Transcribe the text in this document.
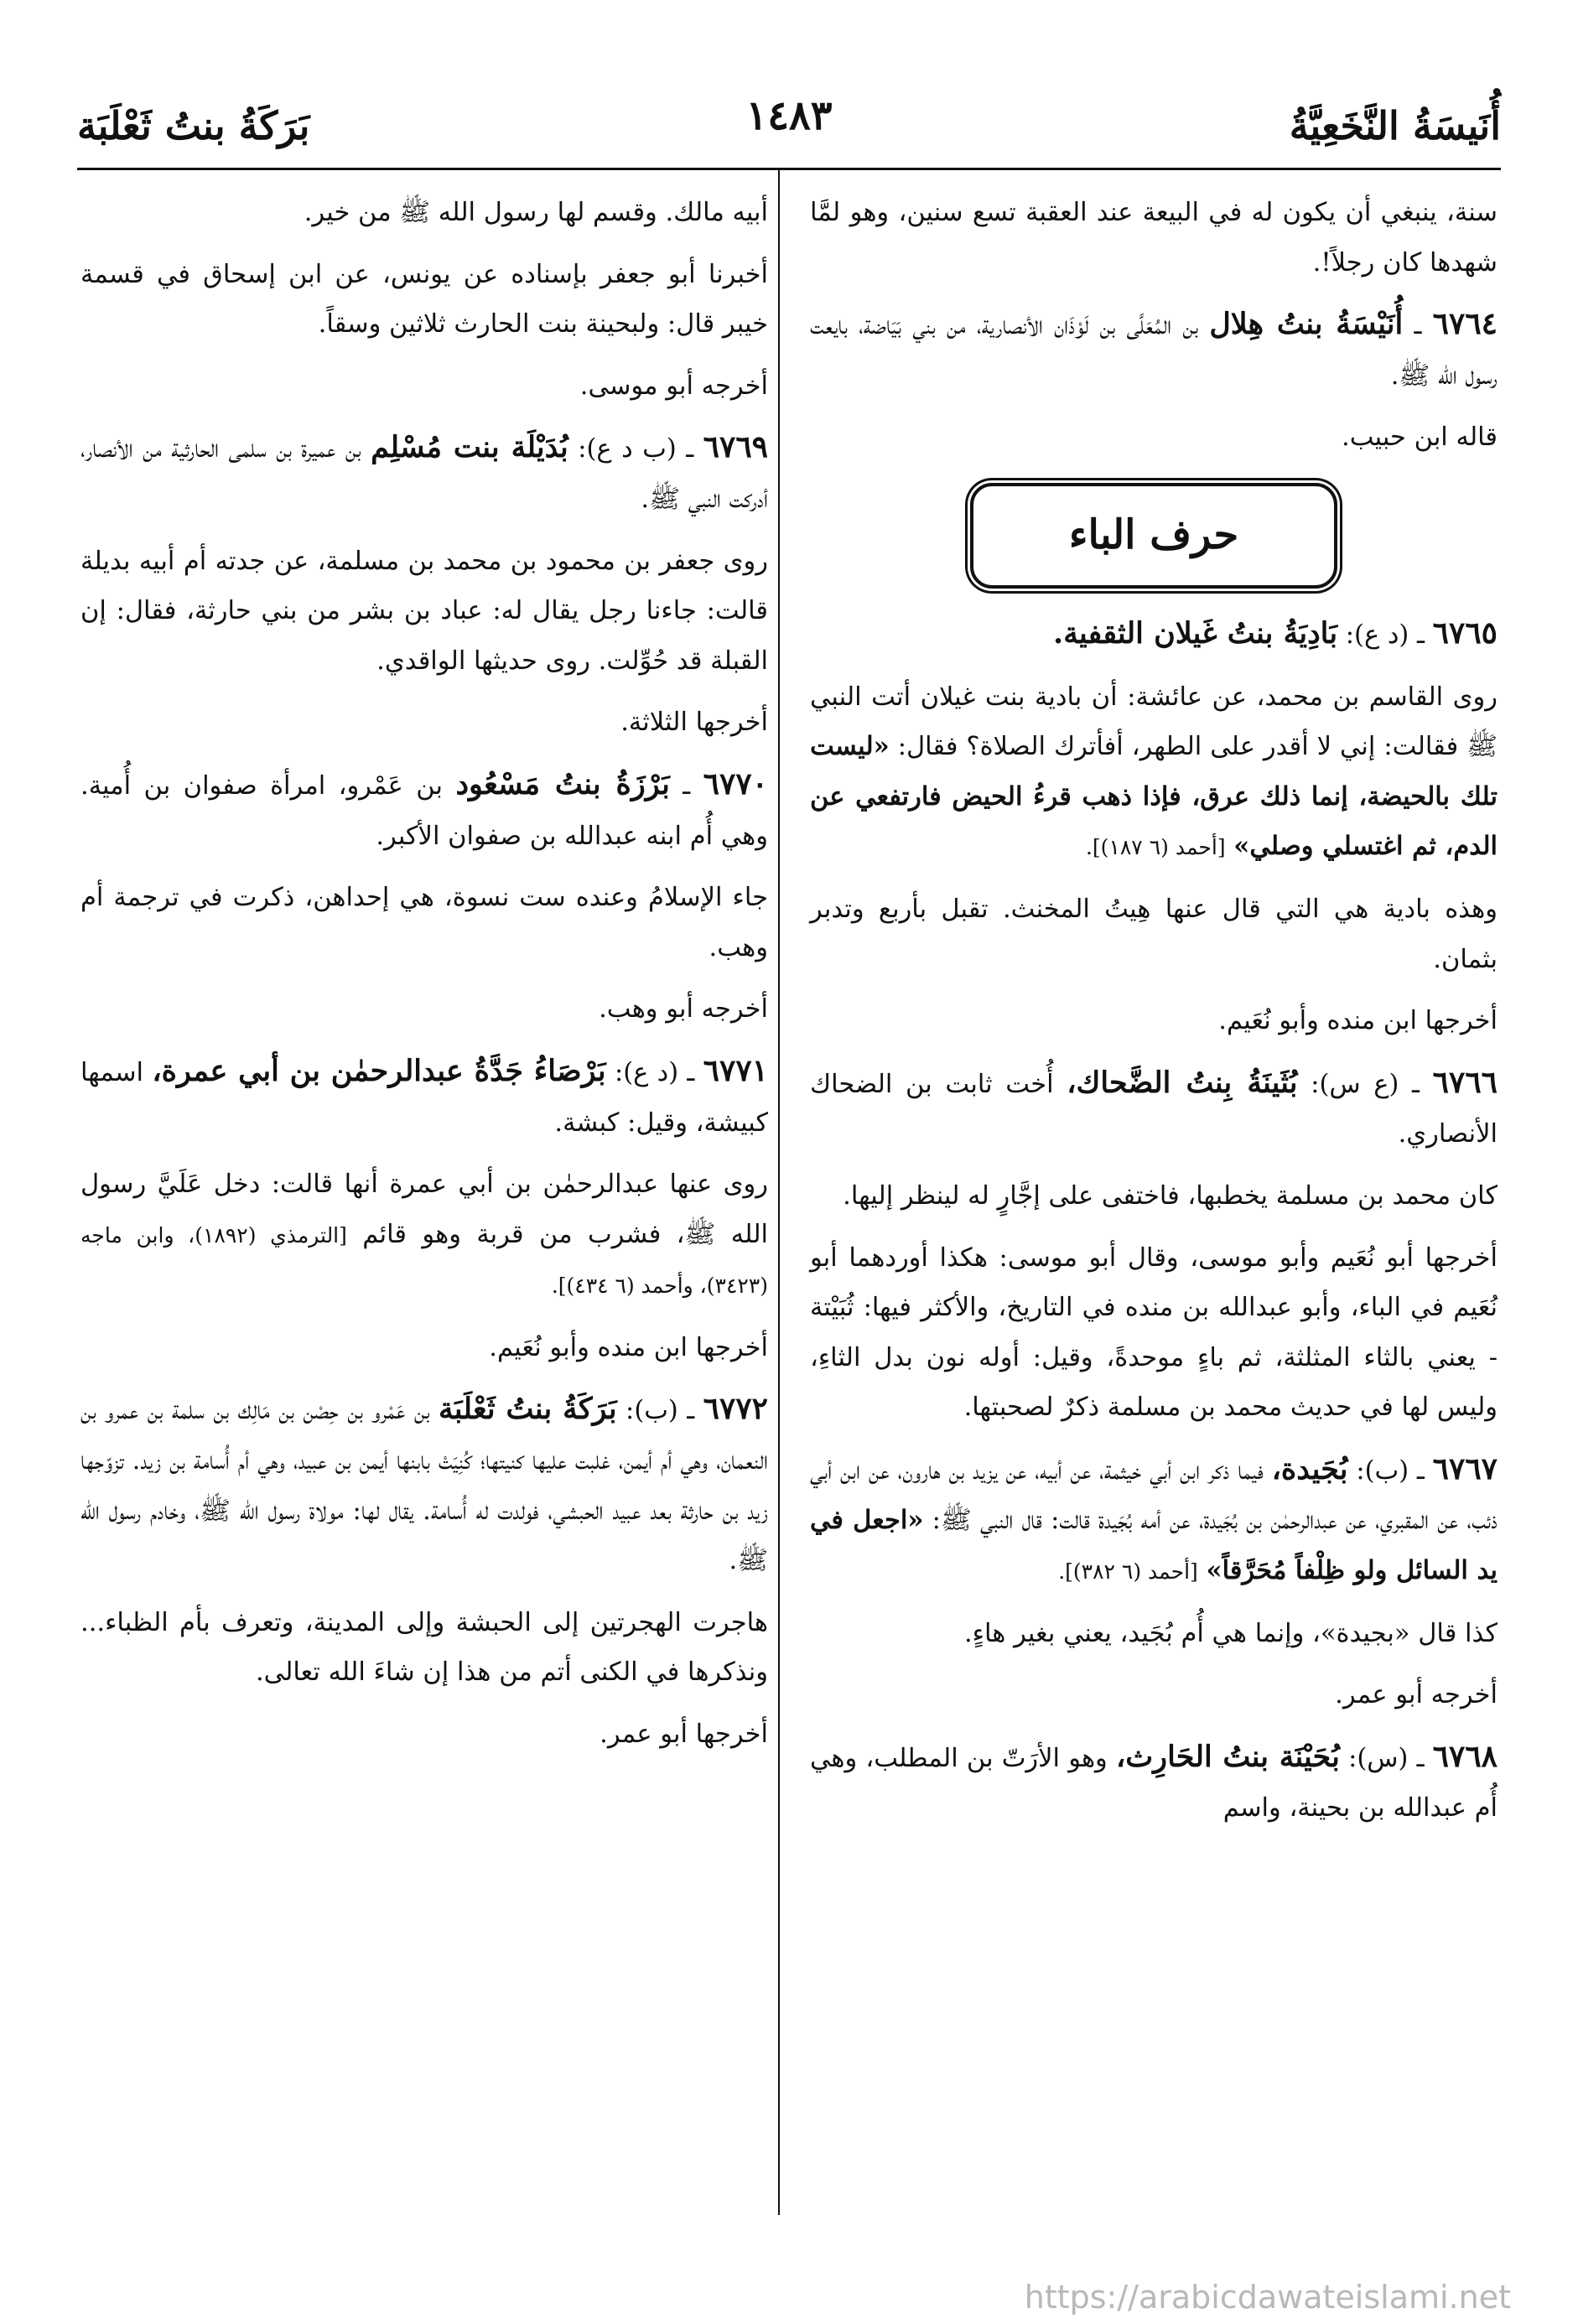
أُنَيسَةُ النَّخَعِيَّةُ
١٤٨٣
بَرَكَةُ بنتُ ثَعْلَبَة

سنة، ينبغي أن يكون له في البيعة عند العقبة تسع سنين، وهو لمَّا شهدها كان رجلاً!.

٦٧٦٤ ـ أُنَيْسَةُ بنتُ هِلال بن المُعَلَّى بن لَوْذَان الأنصارية، من بني بَيَاضة، بايعت رسول الله ﷺ.

قاله ابن حبيب.

حرف الباء

٦٧٦٥ ـ (د ع): بَادِيَةُ بنتُ غَيلان الثقفية.

روى القاسم بن محمد، عن عائشة: أن بادية بنت غيلان أتت النبي ﷺ فقالت: إني لا أقدر على الطهر، أفأترك الصلاة؟ فقال: «ليست تلك بالحيضة، إنما ذلك عرق، فإذا ذهب قرءُ الحيض فارتفعي عن الدم، ثم اغتسلي وصلي» [أحمد (٦ ١٨٧)].

وهذه بادية هي التي قال عنها هِيتُ المخنث. تقبل بأربع وتدبر بثمان.

أخرجها ابن منده وأبو نُعَيم.

٦٧٦٦ ـ (ع س): بُثَينَةُ بِنتُ الضَّحاك، أُخت ثابت بن الضحاك الأنصاري.

كان محمد بن مسلمة يخطبها، فاختفى على إجَّارٍ له لينظر إليها.

أخرجها أبو نُعَيم وأبو موسى، وقال أبو موسى: هكذا أوردهما أبو نُعَيم في الباء، وأبو عبدالله بن منده في التاريخ، والأكثر فيها: ثُبَيْتة - يعني بالثاء المثلثة، ثم باءٍ موحدةً، وقيل: أوله نون بدل الثاءِ، وليس لها في حديث محمد بن مسلمة ذكرٌ لصحبتها.

٦٧٦٧ ـ (ب): بُجَيدة، فيما ذكر ابن أبي خيثمة، عن أبيه، عن يزيد بن هارون، عن ابن أبي ذئب، عن المقبري، عن عبدالرحمٰن بن بُجَيدة، عن أمه بُجَيدة قالت: قال النبي ﷺ: «اجعل في يد السائل ولو ظِلْفاً مُحَرَّقاً» [أحمد (٦ ٣٨٢)].

كذا قال «بجيدة»، وإنما هي أُم بُجَيد، يعني بغير هاءٍ.

أخرجه أبو عمر.

٦٧٦٨ ـ (س): بُحَيْنَة بنتُ الحَارِث، وهو الأرَتّ بن المطلب، وهي أُم عبدالله بن بحينة، واسم

أبيه مالك. وقسم لها رسول الله ﷺ من خير.

أخبرنا أبو جعفر بإسناده عن يونس، عن ابن إسحاق في قسمة خيبر قال: ولبحينة بنت الحارث ثلاثين وسقاً.

أخرجه أبو موسى.

٦٧٦٩ ـ (ب د ع): بُدَيْلَة بنت مُسْلِم بن عميرة بن سلمى الحارثية من الأنصار، أدركت النبي ﷺ.

روى جعفر بن محمود بن محمد بن مسلمة، عن جدته أم أبيه بديلة قالت: جاءنا رجل يقال له: عباد بن بشر من بني حارثة، فقال: إن القبلة قد حُوِّلت. روى حديثها الواقدي.

أخرجها الثلاثة.

٦٧٧٠ ـ بَرْزَةُ بنتُ مَسْعُود بن عَمْرو، امرأة صفوان بن أُمية. وهي أُم ابنه عبدالله بن صفوان الأكبر.

جاء الإسلامُ وعنده ست نسوة، هي إحداهن، ذكرت في ترجمة أم وهب.

أخرجه أبو وهب.

٦٧٧١ ـ (د ع): بَرْصَاءُ جَدَّةُ عبدالرحمٰن بن أبي عمرة، اسمها كبيشة، وقيل: كبشة.

روى عنها عبدالرحمٰن بن أبي عمرة أنها قالت: دخل عَلَيَّ رسول الله ﷺ، فشرب من قربة وهو قائم [الترمذي (١٨٩٢)، وابن ماجه (٣٤٢٣)، وأحمد (٦ ٤٣٤)].

أخرجها ابن منده وأبو نُعَيم.

٦٧٧٢ ـ (ب): بَرَكَةُ بنتُ ثَعْلَبَة بن عَمْرو بن حِصْن بن مَالِك بن سلمة بن عمرو بن النعمان، وهي أم أيمن، غلبت عليها كنيتها؛ كُنِيَتْ بابنها أيمن بن عبيد، وهي أم أُسامة بن زيد. تزوّجها زيد بن حارثة بعد عبيد الحبشي، فولدت له أُسامة. يقال لها: مولاة رسول الله ﷺ، وخادم رسول الله ﷺ.

هاجرت الهجرتين إلى الحبشة وإلى المدينة، وتعرف بأم الظباء... ونذكرها في الكنى أتم من هذا إن شاءَ الله تعالى.

أخرجها أبو عمر.

https://arabicdawateislami.net
